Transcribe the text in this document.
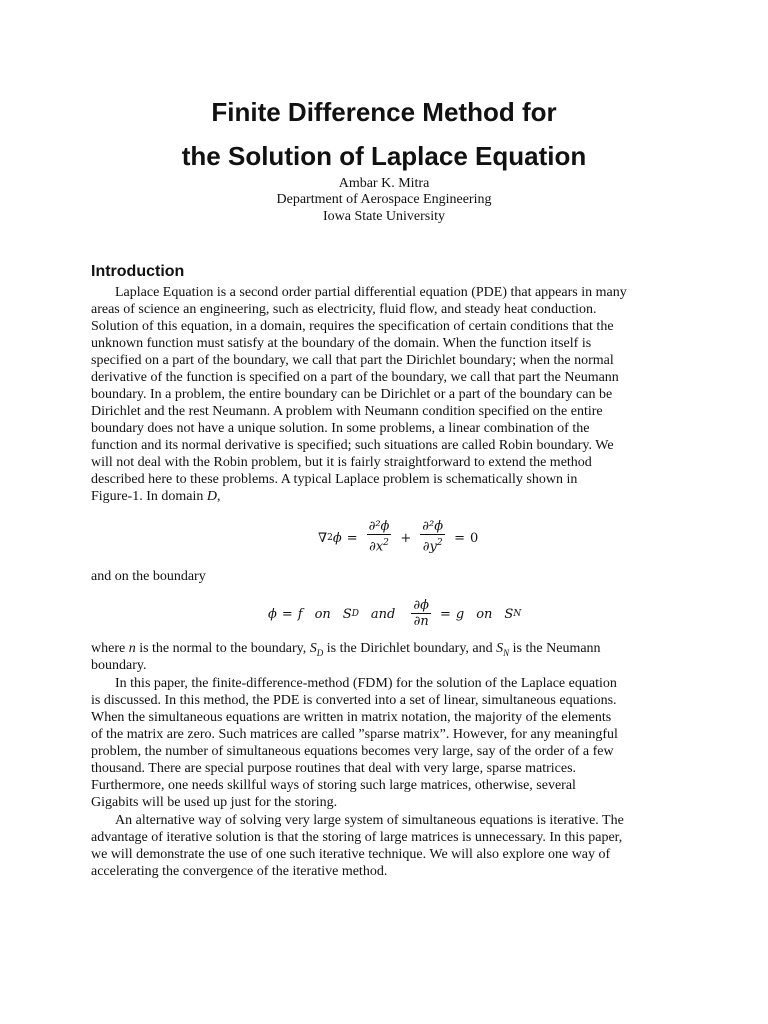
Finite Difference Method for
the Solution of Laplace Equation

Ambar K. Mitra

Department of Aerospace Engineering

Iowa State University

Introduction
Laplace Equation is a second order partial differential equation (PDE) that appears in many
areas of science an engineering, such as electricity, fluid flow, and steady heat conduction.
Solution of this equation, in a domain, requires the specification of certain conditions that the
unknown function must satisfy at the boundary of the domain. When the function itself is
specified on a part of the boundary, we call that part the Dirichlet boundary; when the normal
derivative of the function is specified on a part of the boundary, we call that part the Neumann
boundary. In a problem, the entire boundary can be Dirichlet or a part of the boundary can be
Dirichlet and the rest Neumann. A problem with Neumann condition specified on the entire
boundary does not have a unique solution. In some problems, a linear combination of the
function and its normal derivative is specified; such situations are called Robin boundary. We
will not deal with the Robin problem, but it is fairly straightforward to extend the method
described here to these problems. A typical Laplace problem is schematically shown in
Figure-1. In domain D,
∇ 2 $\phi = \frac{\text{∂²ϕ}}{\partial x^2} + \frac{\text{∂²ϕ}}{\partial y^2} = 0$
and on the boundary
ϕ = f on S D and $\frac{\partial\phi}{\partial n} = g$ on S N
where n is the normal to the boundary, $S_D$ is the Dirichlet boundary, and $S_N$ is the Neumann
boundary.
In this paper, the finite-difference-method (FDM) for the solution of the Laplace equation
is discussed. In this method, the PDE is converted into a set of linear, simultaneous equations.
When the simultaneous equations are written in matrix notation, the majority of the elements
of the matrix are zero. Such matrices are called ”sparse matrix”. However, for any meaningful
problem, the number of simultaneous equations becomes very large, say of the order of a few
thousand. There are special purpose routines that deal with very large, sparse matrices.
Furthermore, one needs skillful ways of storing such large matrices, otherwise, several
Gigabits will be used up just for the storing.
An alternative way of solving very large system of simultaneous equations is iterative. The
advantage of iterative solution is that the storing of large matrices is unnecessary. In this paper,
we will demonstrate the use of one such iterative technique. We will also explore one way of
accelerating the convergence of the iterative method.
